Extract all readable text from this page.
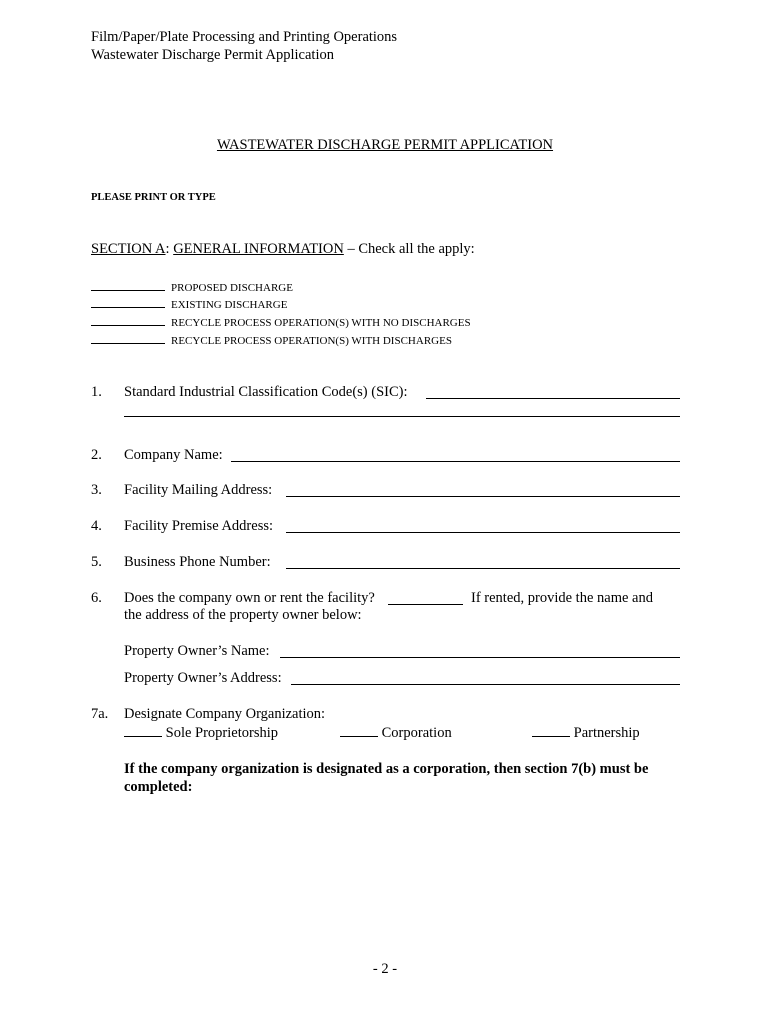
Film/Paper/Plate Processing and Printing Operations
Wastewater Discharge Permit Application
WASTEWATER DISCHARGE PERMIT APPLICATION
PLEASE PRINT OR TYPE
SECTION A: GENERAL INFORMATION – Check all the apply:
PROPOSED DISCHARGE
EXISTING DISCHARGE
RECYCLE PROCESS OPERATION(S) WITH NO DISCHARGES
RECYCLE PROCESS OPERATION(S) WITH DISCHARGES
1. Standard Industrial Classification Code(s) (SIC):
2. Company Name:
3. Facility Mailing Address:
4. Facility Premise Address:
5. Business Phone Number:
6. Does the company own or rent the facility?	If rented, provide the name and
the address of the property owner below:
Property Owner’s Name:
Property Owner’s Address:
7a. Designate Company Organization:
Sole Proprietorship	Corporation	Partnership
If the company organization is designated as a corporation, then section 7(b) must be
completed:
- 2 -
